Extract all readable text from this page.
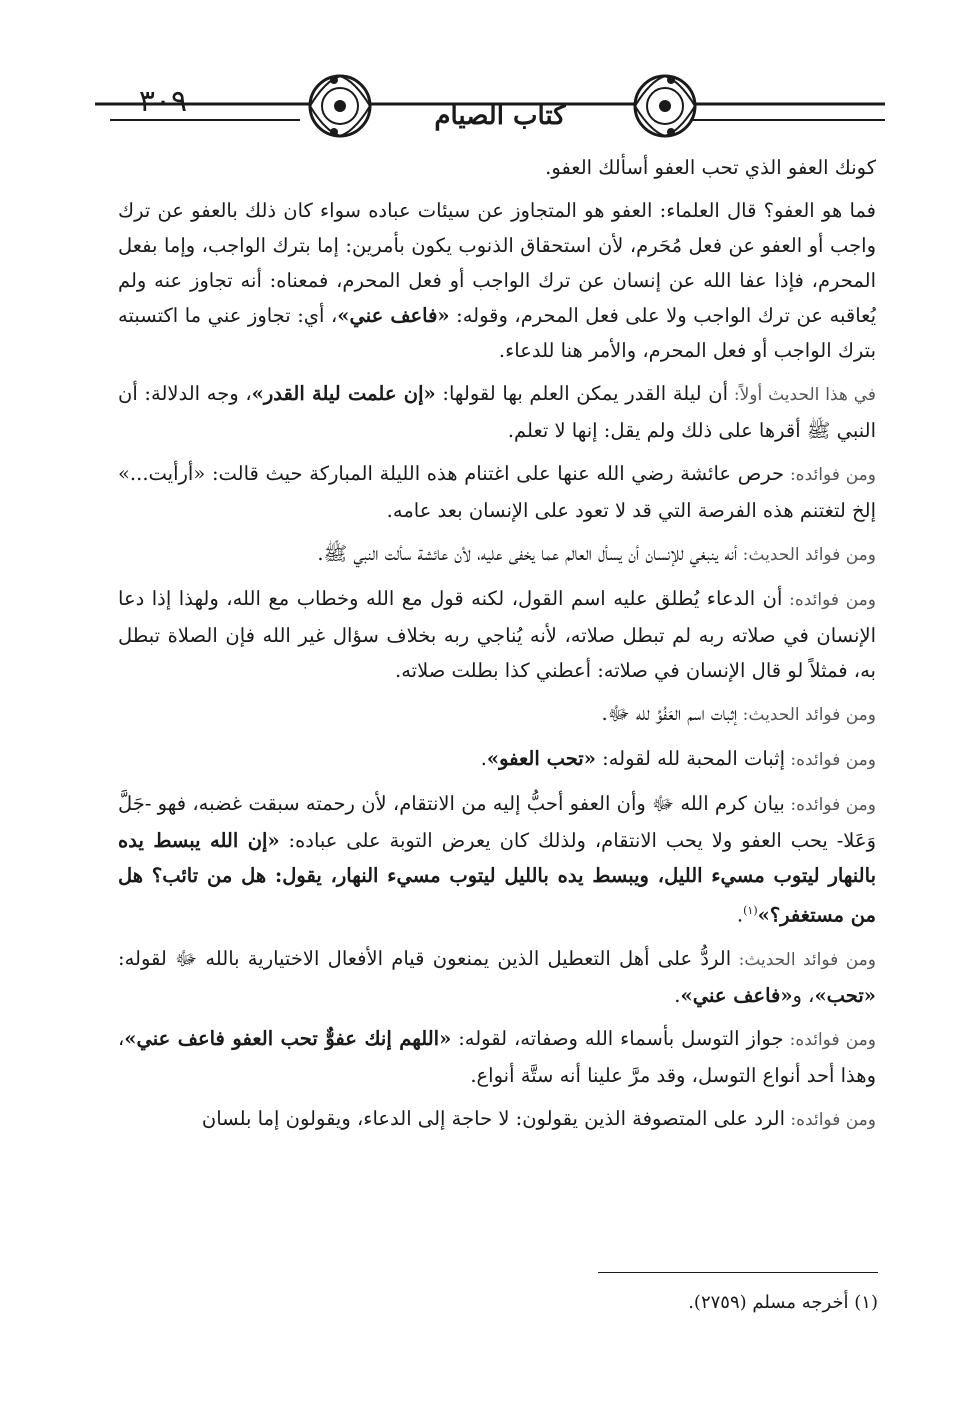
٣٠٩	كتاب الصيام

كونك العفو الذي تحب العفو أسألك العفو.

فما هو العفو؟ قال العلماء: العفو هو المتجاوز عن سيئات عباده سواء كان ذلك بالعفو عن ترك واجب أو العفو عن فعل مُحَرم، لأن استحقاق الذنوب يكون بأمرين: إما بترك الواجب، وإما بفعل المحرم، فإذا عفا الله عن إنسان عن ترك الواجب أو فعل المحرم، فمعناه: أنه تجاوز عنه ولم يُعاقبه عن ترك الواجب ولا على فعل المحرم، وقوله: «فاعف عني»، أي: تجاوز عني ما اكتسبته بترك الواجب أو فعل المحرم، والأمر هنا للدعاء.

في هذا الحديث أولاً: أن ليلة القدر يمكن العلم بها لقولها: «إن علمت ليلة القدر»، وجه الدلالة: أن النبي ﷺ أقرها على ذلك ولم يقل: إنها لا تعلم.

ومن فوائده: حرص عائشة رضي الله عنها على اغتنام هذه الليلة المباركة حيث قالت: «أرأيت...» إلخ لتغتنم هذه الفرصة التي قد لا تعود على الإنسان بعد عامه.

ومن فوائد الحديث: أنه ينبغي للإنسان أن يسأل العالم عما يخفى عليه، لأن عائشة سألت النبي ﷺ.

ومن فوائده: أن الدعاء يُطلق عليه اسم القول، لكنه قول مع الله وخطاب مع الله، ولهذا إذا دعا الإنسان في صلاته ربه لم تبطل صلاته، لأنه يُناجي ربه بخلاف سؤال غير الله فإن الصلاة تبطل به، فمثلاً لو قال الإنسان في صلاته: أعطني كذا بطلت صلاته.

ومن فوائد الحديث: إثبات اسم العَفُوِّ لله ﷻ.

ومن فوائده: إثبات المحبة لله لقوله: «تحب العفو».

ومن فوائده: بيان كرم الله ﷻ وأن العفو أحبُّ إليه من الانتقام، لأن رحمته سبقت غضبه، فهو -جَلَّ وَعَلا- يحب العفو ولا يحب الانتقام، ولذلك كان يعرض التوبة على عباده: «إن الله يبسط يده بالنهار ليتوب مسيء الليل، ويبسط يده بالليل ليتوب مسيء النهار، يقول: هل من تائب؟ هل من مستغفر؟»$^{(١)}$.

ومن فوائد الحديث: الردُّ على أهل التعطيل الذين يمنعون قيام الأفعال الاختيارية بالله ﷻ لقوله: «تحب»، و«فاعف عني».

ومن فوائده: جواز التوسل بأسماء الله وصفاته، لقوله: «اللهم إنك عفوٌّ تحب العفو فاعف عني»، وهذا أحد أنواع التوسل، وقد مرَّ علينا أنه ستَّة أنواع.

ومن فوائده: الرد على المتصوفة الذين يقولون: لا حاجة إلى الدعاء، ويقولون إما بلسان

(١) أخرجه مسلم (٢٧٥٩).
